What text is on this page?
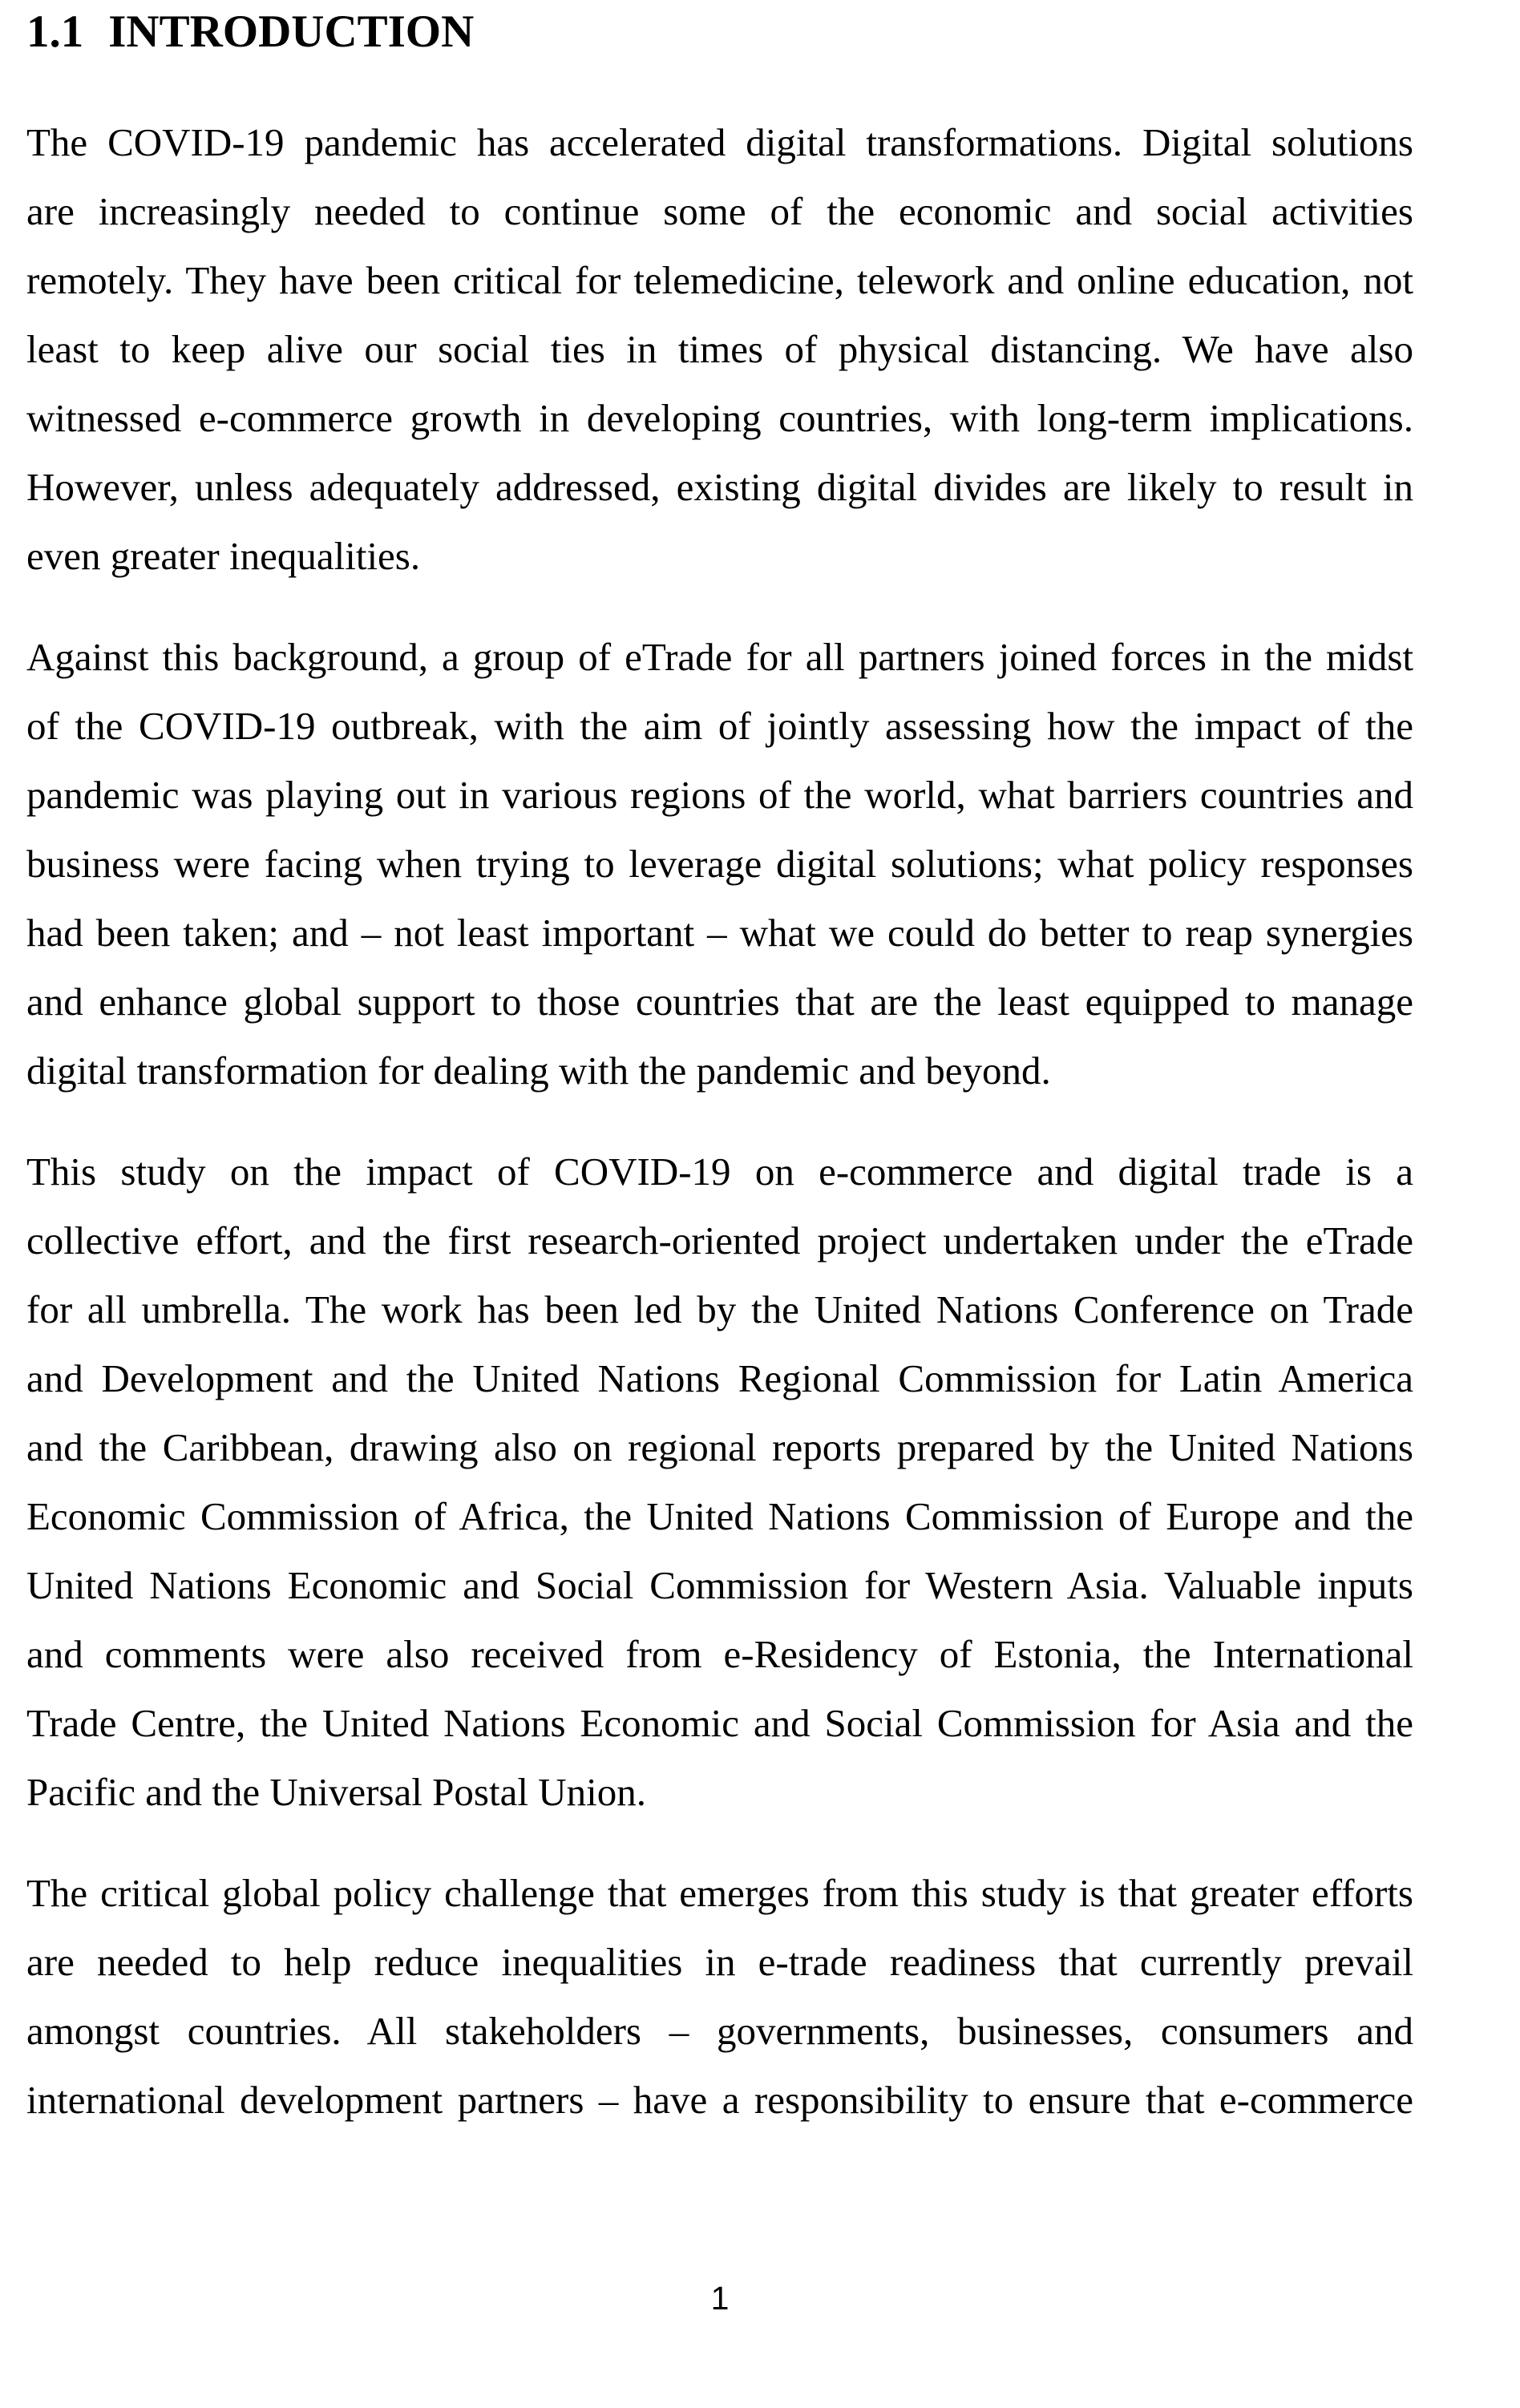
1.1 INTRODUCTION

The COVID-19 pandemic has accelerated digital transformations. Digital solutions
are increasingly needed to continue some of the economic and social activities
remotely. They have been critical for telemedicine, telework and online education, not
least to keep alive our social ties in times of physical distancing. We have also
witnessed e-commerce growth in developing countries, with long-term implications.
However, unless adequately addressed, existing digital divides are likely to result in
even greater inequalities.

Against this background, a group of eTrade for all partners joined forces in the midst
of the COVID-19 outbreak, with the aim of jointly assessing how the impact of the
pandemic was playing out in various regions of the world, what barriers countries and
business were facing when trying to leverage digital solutions; what policy responses
had been taken; and – not least important – what we could do better to reap synergies
and enhance global support to those countries that are the least equipped to manage
digital transformation for dealing with the pandemic and beyond.

This study on the impact of COVID-19 on e-commerce and digital trade is a
collective effort, and the first research-oriented project undertaken under the eTrade
for all umbrella. The work has been led by the United Nations Conference on Trade
and Development and the United Nations Regional Commission for Latin America
and the Caribbean, drawing also on regional reports prepared by the United Nations
Economic Commission of Africa, the United Nations Commission of Europe and the
United Nations Economic and Social Commission for Western Asia. Valuable inputs
and comments were also received from e-Residency of Estonia, the International
Trade Centre, the United Nations Economic and Social Commission for Asia and the
Pacific and the Universal Postal Union.

The critical global policy challenge that emerges from this study is that greater efforts
are needed to help reduce inequalities in e-trade readiness that currently prevail
amongst countries. All stakeholders – governments, businesses, consumers and
international development partners – have a responsibility to ensure that e-commerce

1
